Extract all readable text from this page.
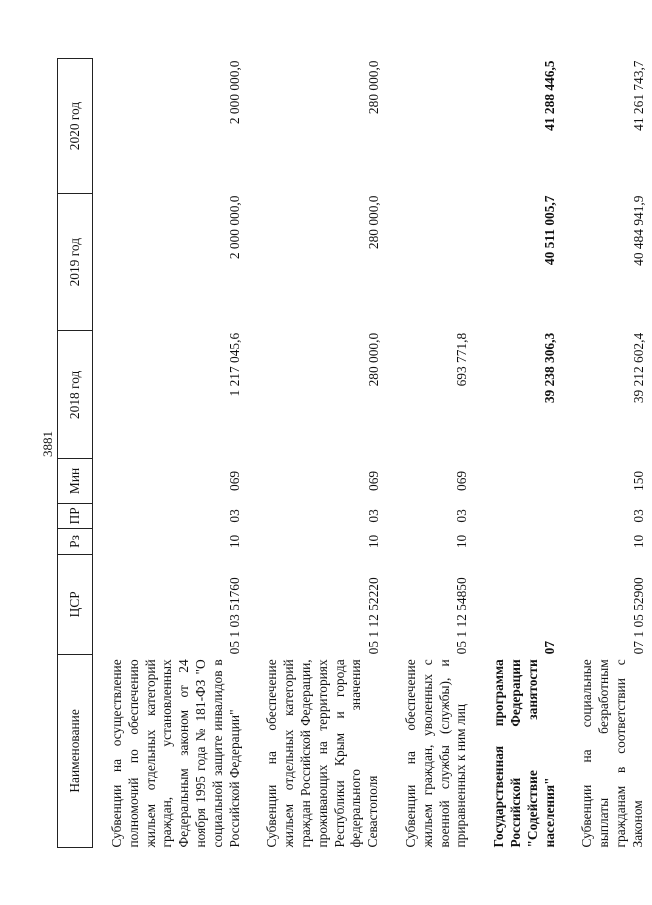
3881
Наименование	ЦСР	Рз	ПР	Мин	2018 год	2019 год	2020 год

Субвенции на осуществление полномочий по обеспечению жильем отдельных категорий граждан, установленных Федеральным законом от 24 ноября 1995 года № 181-ФЗ "О социальной защите инвалидов в Российской Федерации"	05 1 03 51760	10	03	069	1 217 045,6	2 000 000,0	2 000 000,0

Субвенции на обеспечение жильем отдельных категорий граждан Российской Федерации, проживающих на территориях Республики Крым и города федерального значения Севастополя	05 1 12 52220	10	03	069	280 000,0	280 000,0	280 000,0

Субвенции на обеспечение жильем граждан, уволенных с военной службы (службы), и приравненных к ним лиц	05 1 12 54850	10	03	069	693 771,8		

Государственная программа Российской Федерации "Содействие занятости населения"	07				39 238 306,3	40 511 005,7	41 288 446,5

Субвенции на социальные выплаты безработным гражданам в соответствии с Законом	07 1 05 52900	10	03	150	39 212 602,4	40 484 941,9	41 261 743,7
